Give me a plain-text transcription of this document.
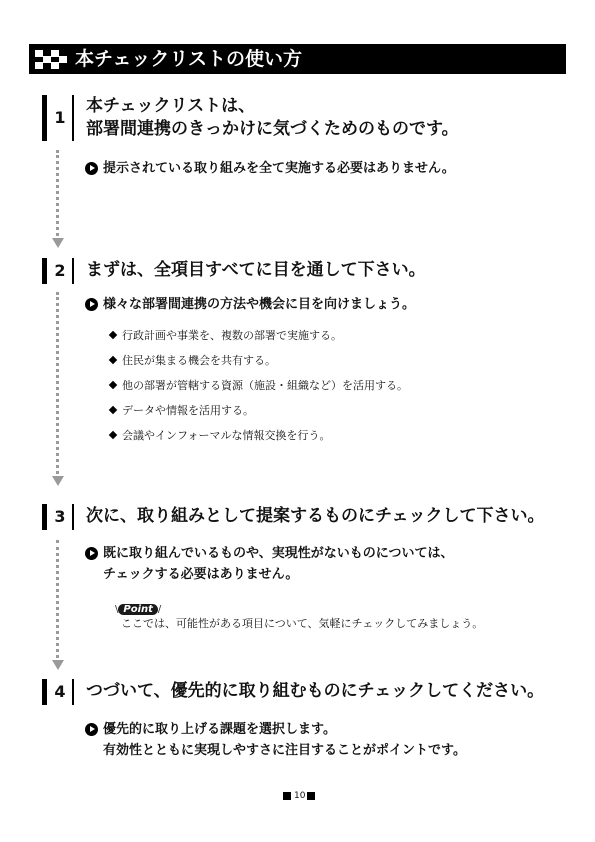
本チェックリストの使い方
1
本チェックリストは、
部署間連携のきっかけに気づくためのものです。
提示されている取り組みを全て実施する必要はありません。
2 まずは、全項目すべてに目を通して下さい。
様々な部署間連携の方法や機会に目を向けましょう。
行政計画や事業を、複数の部署で実施する。
住民が集まる機会を共有する。
他の部署が管轄する資源（施設・組織など）を活用する。
データや情報を活用する。
会議やインフォーマルな情報交換を行う。
3 次に、取り組みとして提案するものにチェックして下さい。
既に取り組んでいるものや、実現性がないものについては、
チェックする必要はありません。
\ Point /
ここでは、可能性がある項目について、気軽にチェックしてみましょう。
4 つづいて、優先的に取り組むものにチェックしてください。
優先的に取り上げる課題を選択します。
有効性とともに実現しやすさに注目することがポイントです。
10
